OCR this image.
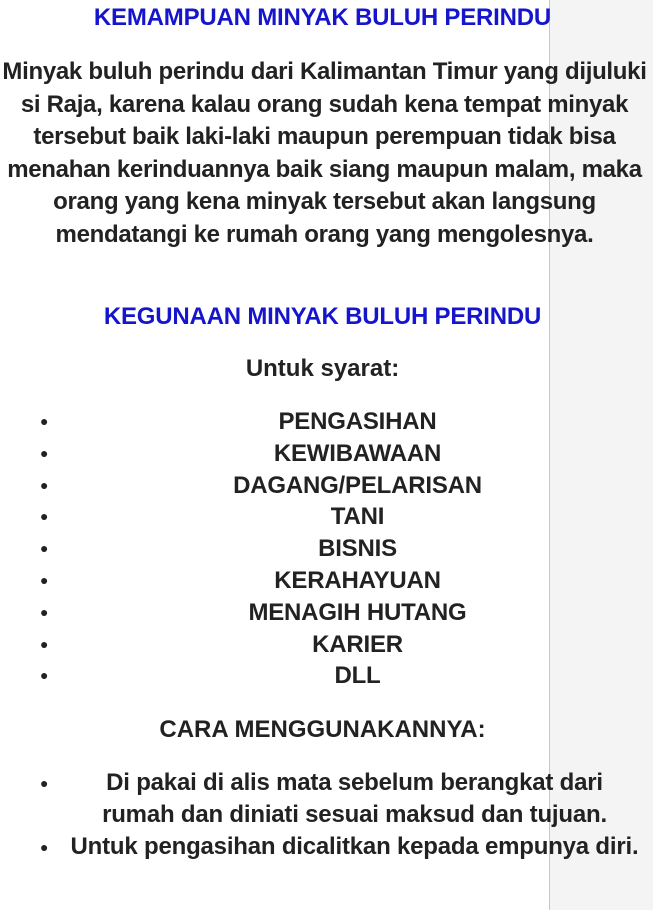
KEMAMPUAN MINYAK BULUH PERINDU
Minyak buluh perindu dari Kalimantan Timur yang dijuluki si Raja, karena kalau orang sudah kena tempat minyak tersebut baik laki-laki maupun perempuan tidak bisa menahan kerinduannya baik siang maupun malam, maka orang yang kena minyak tersebut akan langsung mendatangi ke rumah orang yang mengolesnya.
KEGUNAAN MINYAK BULUH PERINDU
Untuk syarat:
●	PENGASIHAN
●	KEWIBAWAAN
●	DAGANG/PELARISAN
●	TANI
●	BISNIS
●	KERAHAYUAN
●	MENAGIH HUTANG
●	KARIER
●	DLL
CARA MENGGUNAKANNYA:
● Di pakai di alis mata sebelum berangkat dari rumah dan diniati sesuai maksud dan tujuan.
● Untuk pengasihan dicalitkan kepada empunya diri.
